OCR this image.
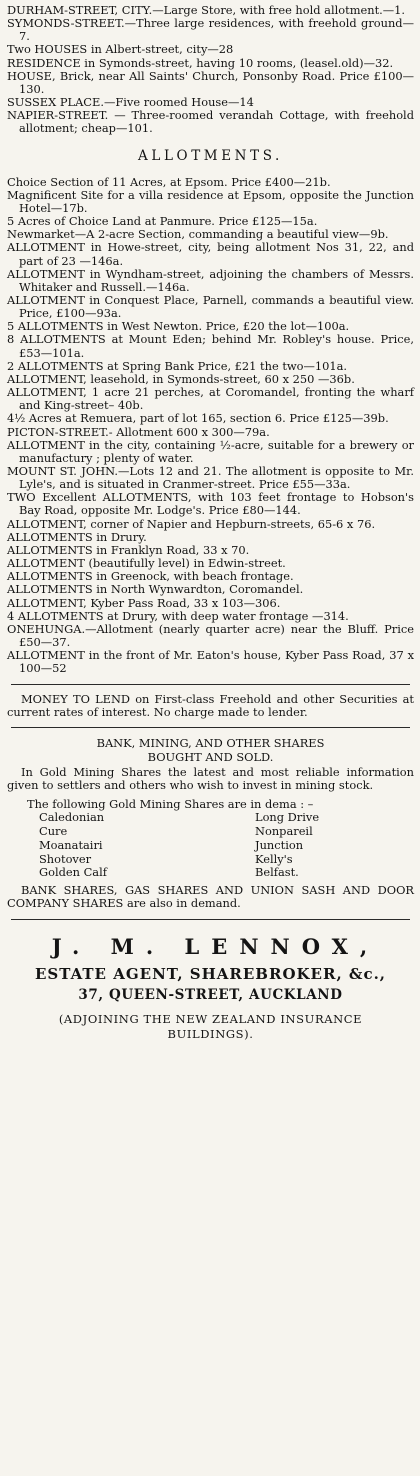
DURHAM-STREET, CITY.—Large Store, with free hold allotment.—1.

SYMONDS-STREET.—Three large residences, with freehold ground—7.

Two HOUSES in Albert-street, city—28

RESIDENCE in Symonds-street, having 10 rooms, (leasel.old)—32.

HOUSE, Brick, near All Saints' Church, Ponsonby Road. Price £100—130.

SUSSEX PLACE.—Five roomed House—14

NAPIER-STREET. — Three-roomed verandah Cottage, with freehold allotment; cheap—101.

ALLOTMENTS.

Choice Section of 11 Acres, at Epsom. Price £400—21b.

Magnificent Site for a villa residence at Epsom, opposite the Junction Hotel—17b.

5 Acres of Choice Land at Panmure. Price £125—15a.

Newmarket—A 2-acre Section, commanding a beautiful view—9b.

ALLOTMENT in Howe-street, city, being allotment Nos 31, 22, and part of 23 —146a.

ALLOTMENT in Wyndham-street, adjoining the chambers of Messrs. Whitaker and Russell.—146a.

ALLOTMENT in Conquest Place, Parnell, commands a beautiful view. Price, £100—93a.

5 ALLOTMENTS in West Newton. Price, £20 the lot—100a.

8 ALLOTMENTS at Mount Eden; behind Mr. Robley's house. Price, £53—101a.

2 ALLOTMENTS at Spring Bank Price, £21 the two—101a.

ALLOTMENT, leasehold, in Symonds-street, 60 x 250 —36b.

ALLOTMENT, 1 acre 21 perches, at Coromandel, fronting the wharf and King-street– 40b.

4½ Acres at Remuera, part of lot 165, section 6. Price £125—39b.

PICTON-STREET.- Allotment 600 x 300—79a.

ALLOTMENT in the city, containing ½-acre, suitable for a brewery or manufactury ; plenty of water.

MOUNT ST. JOHN.—Lots 12 and 21. The allotment is opposite to Mr. Lyle's, and is situated in Cranmer-street. Price £55—33a.

TWO Excellent ALLOTMENTS, with 103 feet frontage to Hobson's Bay Road, opposite Mr. Lodge's. Price £80—144.

ALLOTMENT, corner of Napier and Hepburn-streets, 65-6 x 76.

ALLOTMENTS in Drury.

ALLOTMENTS in Franklyn Road, 33 x 70.

ALLOTMENT (beautifully level) in Edwin-street.

ALLOTMENTS in Greenock, with beach frontage.

ALLOTMENTS in North Wynwardton, Coromandel.

ALLOTMENT, Kyber Pass Road, 33 x 103—306.

4 ALLOTMENTS at Drury, with deep water frontage —314.

ONEHUNGA.—Allotment (nearly quarter acre) near the Bluff. Price £50—37.

ALLOTMENT in the front of Mr. Eaton's house, Kyber Pass Road, 37 x 100—52

MONEY TO LEND on First-class Freehold and other Securities at current rates of interest. No charge made to lender.

BANK, MINING, AND OTHER SHARES
BOUGHT AND SOLD.

In Gold Mining Shares the latest and most reliable information given to settlers and others who wish to invest in mining stock.

The following Gold Mining Shares are in dema : –

Caledonian	Long Drive
Cure	Nonpareil
Moanatairi	Junction
Shotover	Kelly's
Golden Calf	Belfast.

BANK SHARES, GAS SHARES AND UNION SASH AND DOOR COMPANY SHARES are also in demand.

J. M. LENNOX,
ESTATE AGENT, SHAREBROKER, &c.,
37, QUEEN-STREET, AUCKLAND
(ADJOINING THE NEW ZEALAND INSURANCE BUILDINGS).
